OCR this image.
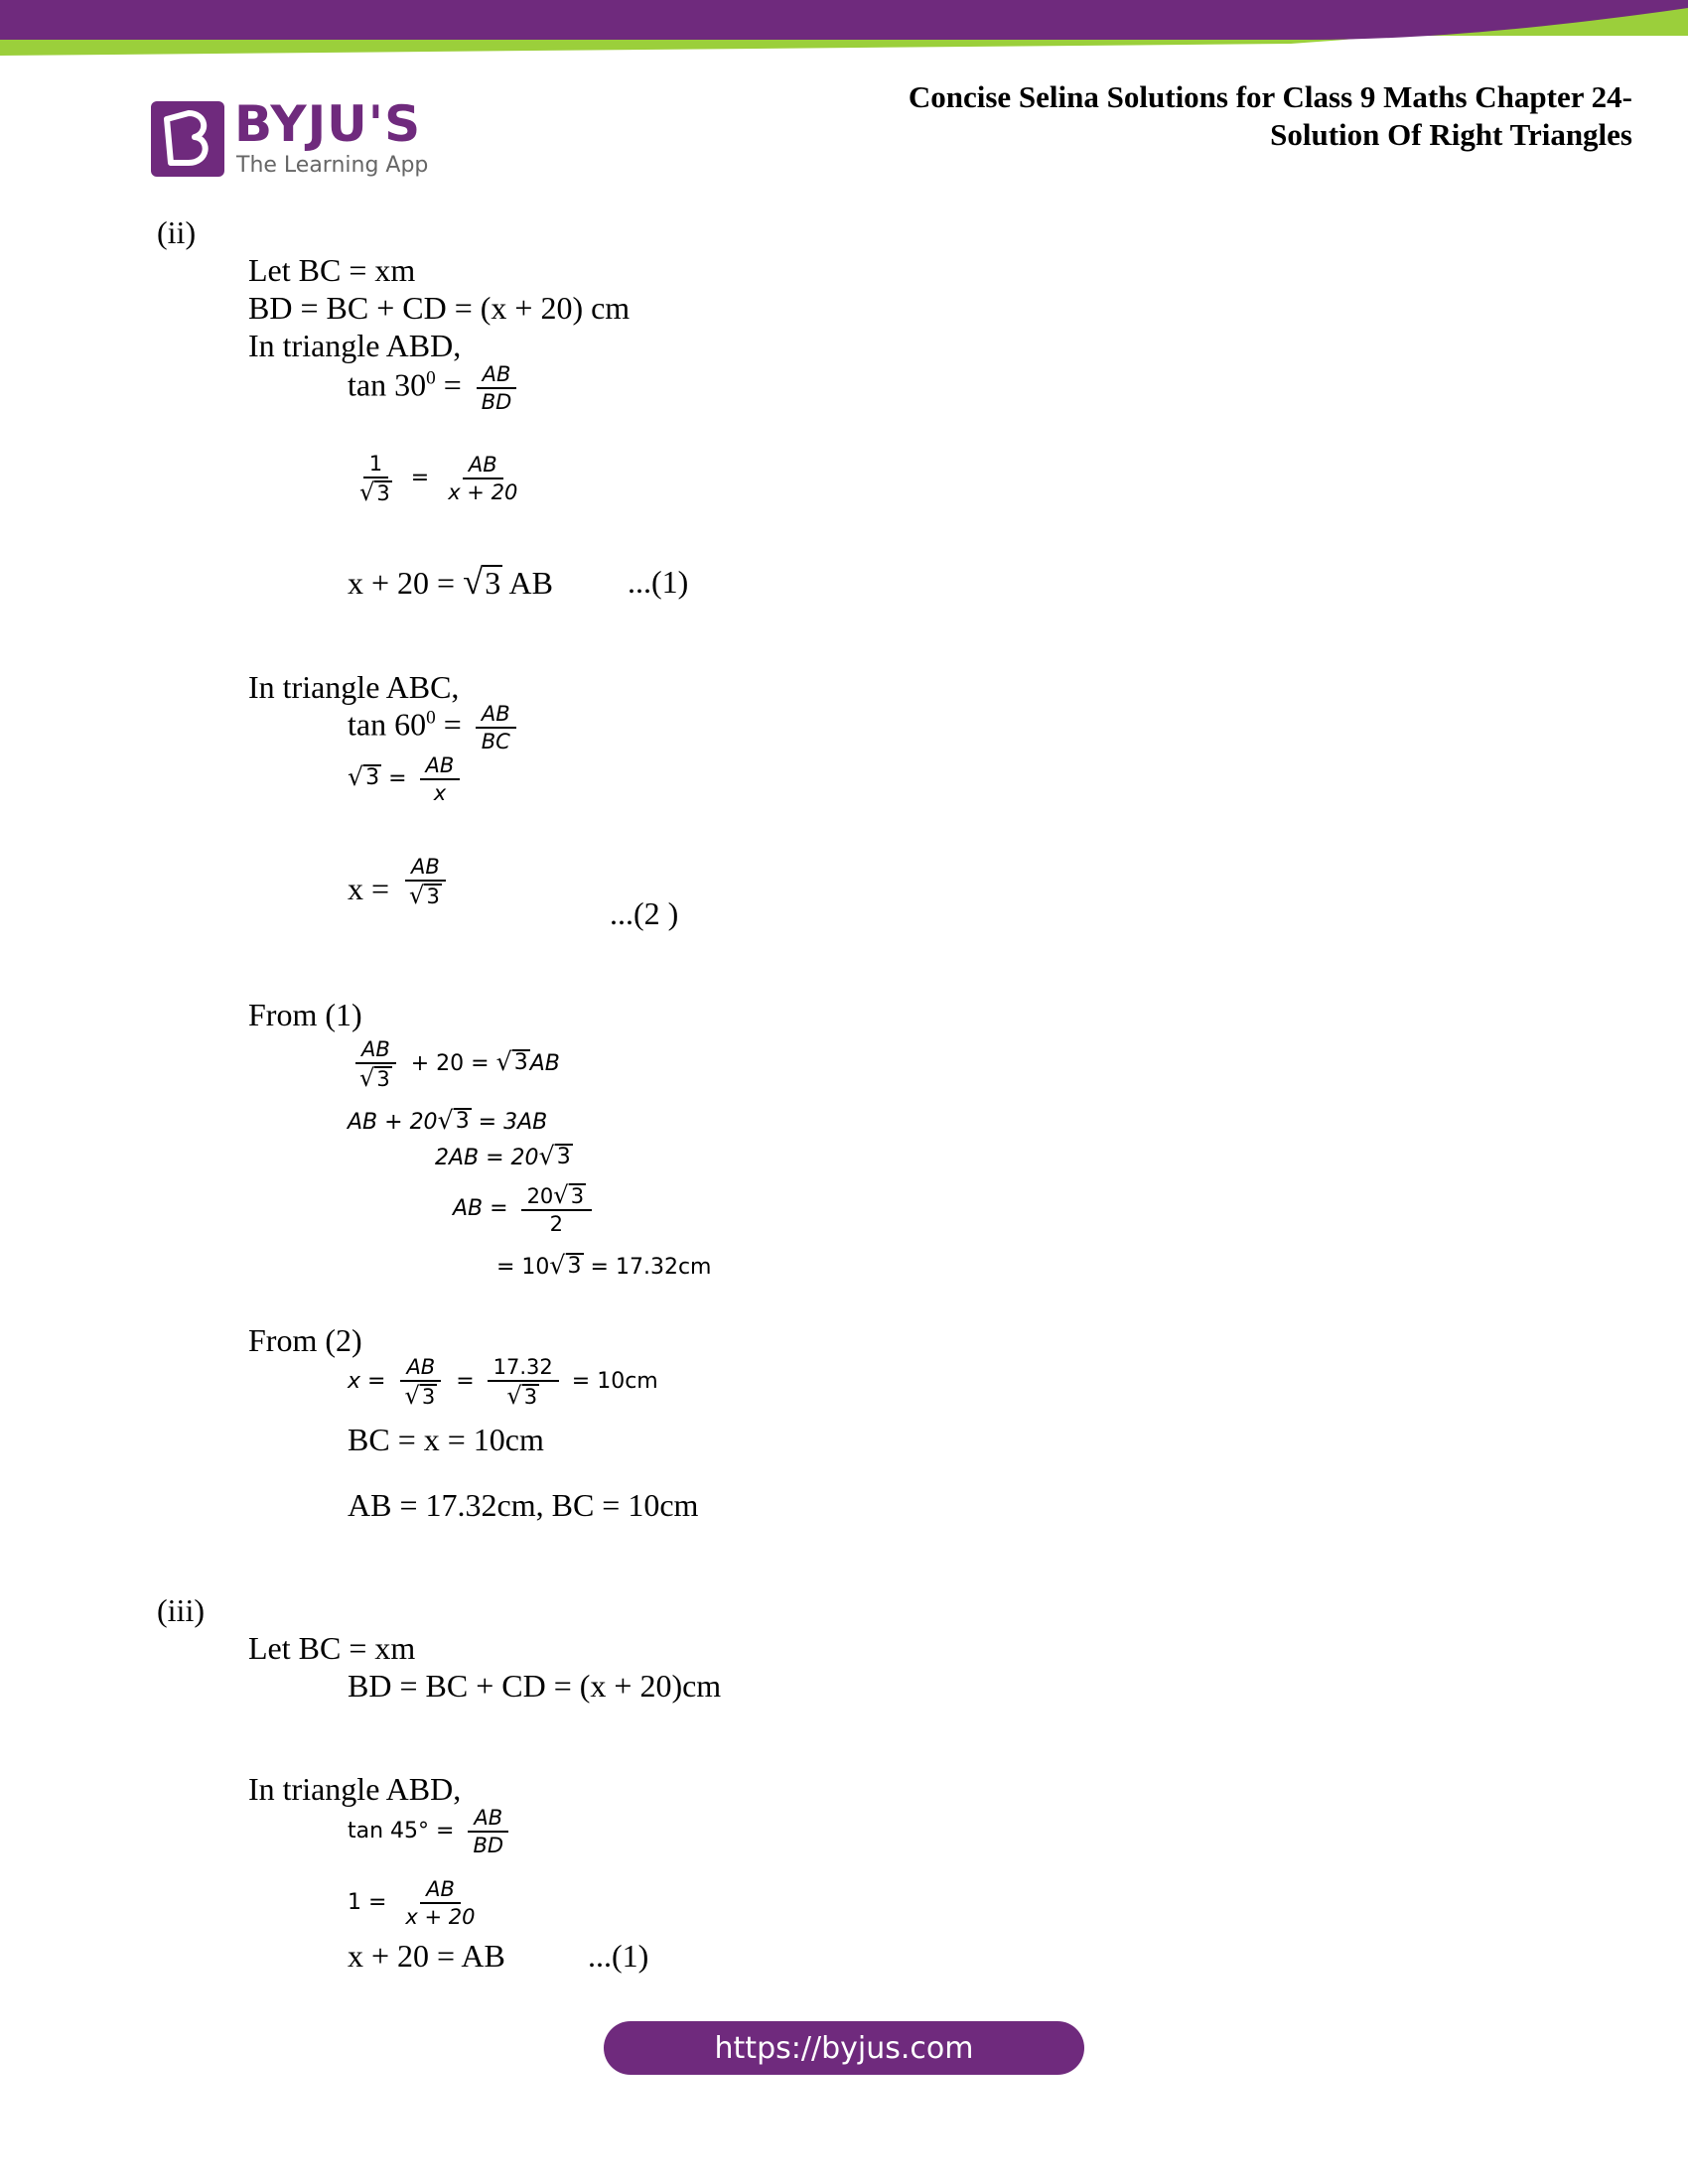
BYJU'S
The Learning App
Concise Selina Solutions for Class 9 Maths Chapter 24-
Solution Of Right Triangles
(ii)
Let BC = xm
BD = BC + CD = (x + 20) cm
In triangle ABD,
$\tan 30^0 = \frac{AB}{BD}$
$\frac{1}{√ 3} = \frac{AB}{x + 20}$
x + 20 = √ 3 AB ...(1)
In triangle ABC,
$\tan 60^0 = \frac{AB}{BC}$
√ $3 = \frac{AB}{x}$
$x = \frac{AB}{√ 3}$
...(2 )
From (1)
$\frac{AB}{√ 3} + 20$ = √ 3 AB
AB + 20 √ 3 = 3AB
2AB = 20 √ 3
AB = $\frac{20 √ 3}{2}$
= 10 √ 3 = 17.32cm
From (2)
$x = \frac{AB}{√ 3} = \frac{17.32}{√ 3} = 10cm$
BC = x = 10cm
AB = 17.32cm, BC = 10cm
(iii)
Let BC = xm
BD = BC + CD = (x + 20)cm
In triangle ABD,
$\tan 45^\circ = \frac{AB}{BD}$
$1 = \frac{AB}{x + 20}$
x + 20 = AB	...(1)
https://byjus.com
